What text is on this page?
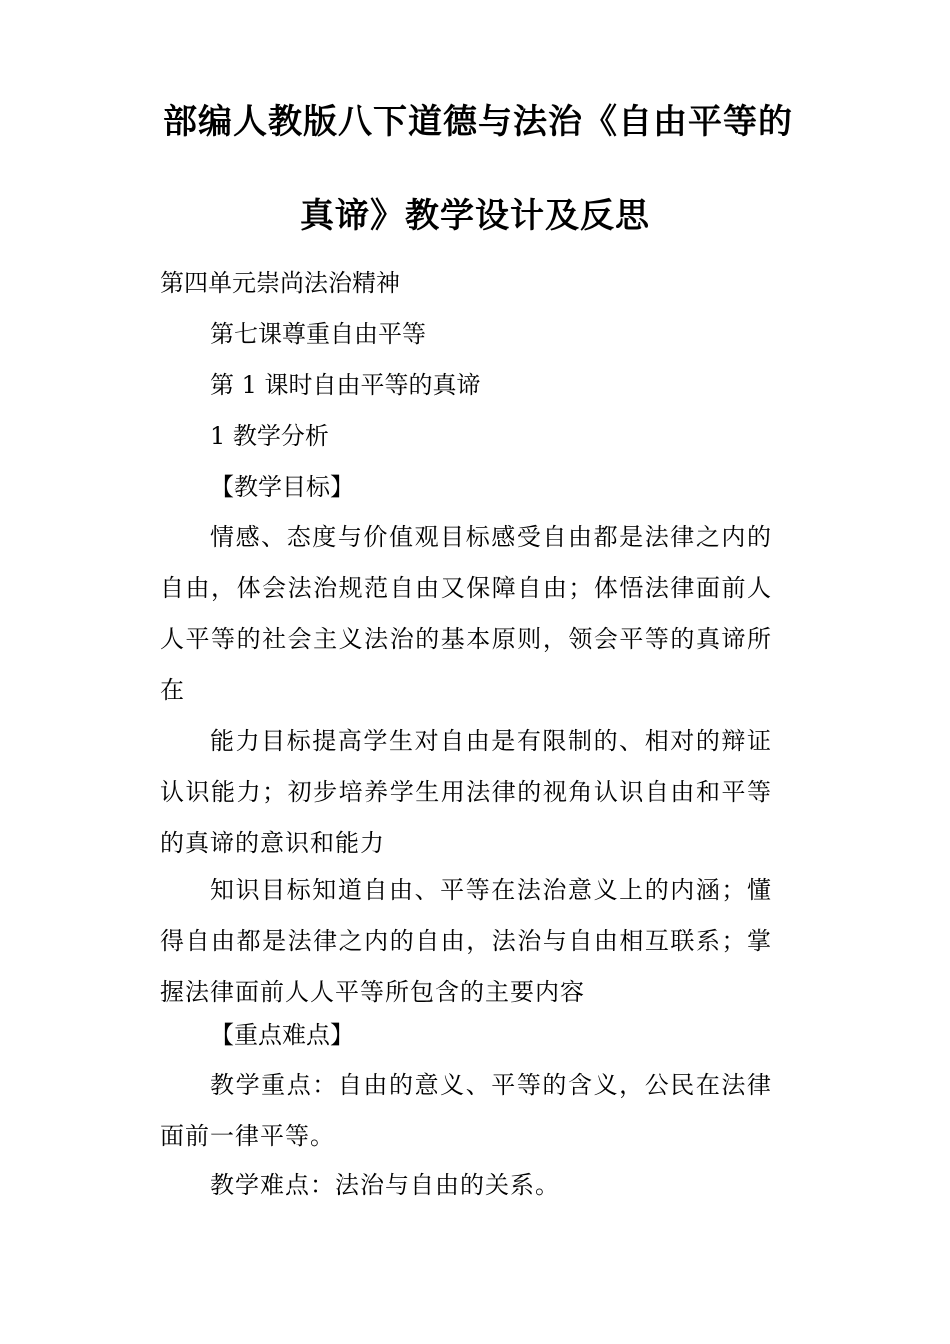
部编人教版八下道德与法治《自由平等的
真谛》教学设计及反思
第四单元崇尚法治精神
第七课尊重自由平等
第 1 课时自由平等的真谛
1 教学分析
【教学目标】
情感、态度与价值观目标感受自由都是法律之内的自由，体会法治规范自由又保障自由；体悟法律面前人人平等的社会主义法治的基本原则，领会平等的真谛所在
能力目标提高学生对自由是有限制的、相对的辩证认识能力；初步培养学生用法律的视角认识自由和平等的真谛的意识和能力
知识目标知道自由、平等在法治意义上的内涵；懂得自由都是法律之内的自由，法治与自由相互联系；掌握法律面前人人平等所包含的主要内容
【重点难点】
教学重点：自由的意义、平等的含义，公民在法律面前一律平等。
教学难点：法治与自由的关系。
